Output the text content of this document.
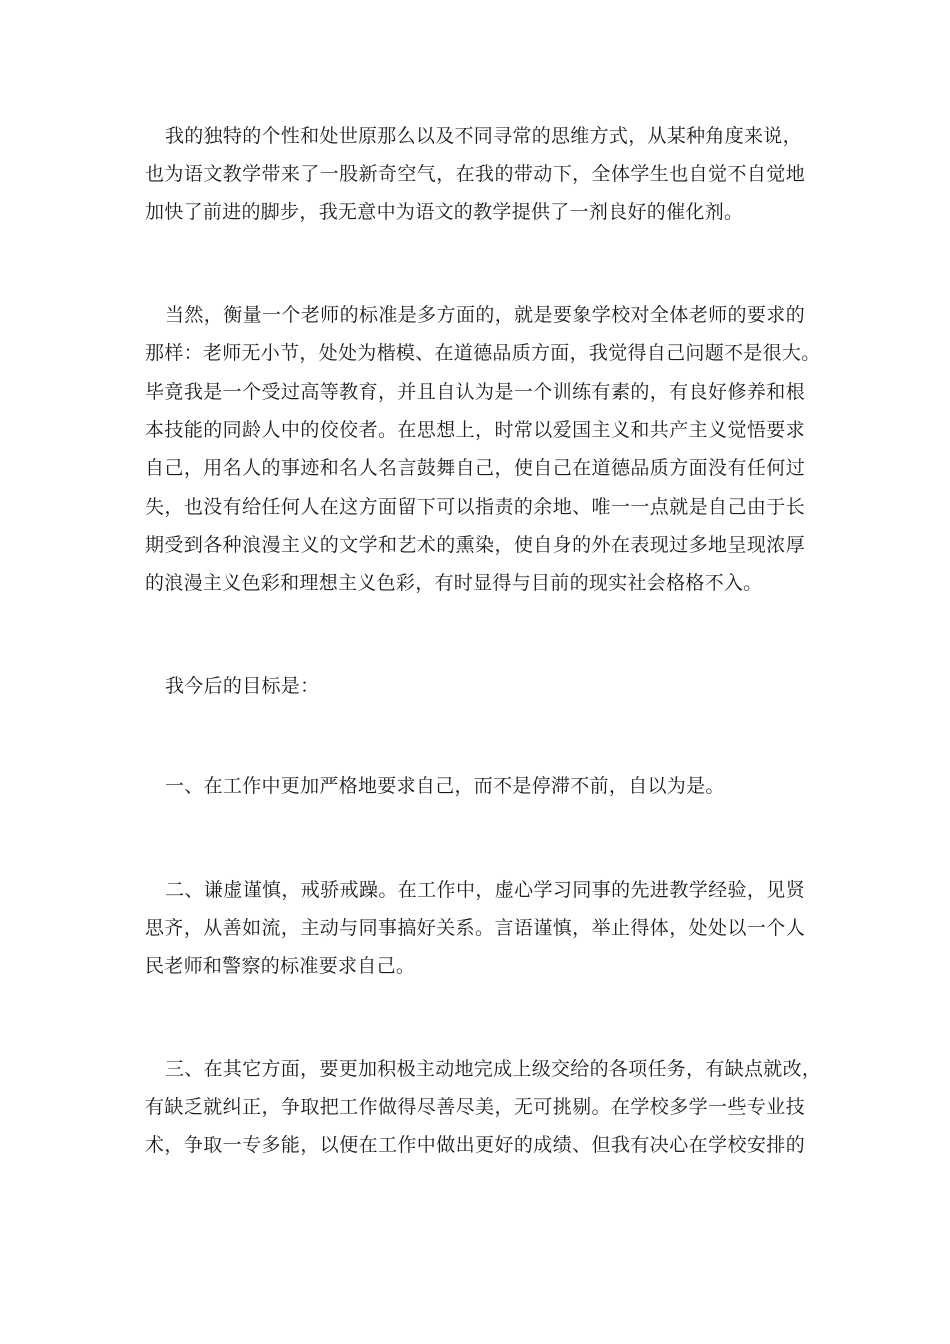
我的独特的个性和处世原那么以及不同寻常的思维方式，从某种角度来说，
也为语文教学带来了一股新奇空气，在我的带动下，全体学生也自觉不自觉地
加快了前进的脚步，我无意中为语文的教学提供了一剂良好的催化剂。
当然，衡量一个老师的标准是多方面的，就是要象学校对全体老师的要求的
那样：老师无小节，处处为楷模、在道德品质方面，我觉得自己问题不是很大。
毕竟我是一个受过高等教育，并且自认为是一个训练有素的，有良好修养和根
本技能的同龄人中的佼佼者。在思想上，时常以爱国主义和共产主义觉悟要求
自己，用名人的事迹和名人名言鼓舞自己，使自己在道德品质方面没有任何过
失，也没有给任何人在这方面留下可以指责的余地、唯一一点就是自己由于长
期受到各种浪漫主义的文学和艺术的熏染，使自身的外在表现过多地呈现浓厚
的浪漫主义色彩和理想主义色彩，有时显得与目前的现实社会格格不入。
我今后的目标是：
一、在工作中更加严格地要求自己，而不是停滞不前，自以为是。
二、谦虚谨慎，戒骄戒躁。在工作中，虚心学习同事的先进教学经验，见贤
思齐，从善如流，主动与同事搞好关系。言语谨慎，举止得体，处处以一个人
民老师和警察的标准要求自己。
三、在其它方面，要更加积极主动地完成上级交给的各项任务，有缺点就改，
有缺乏就纠正，争取把工作做得尽善尽美，无可挑剔。在学校多学一些专业技
术，争取一专多能，以便在工作中做出更好的成绩、但我有决心在学校安排的
